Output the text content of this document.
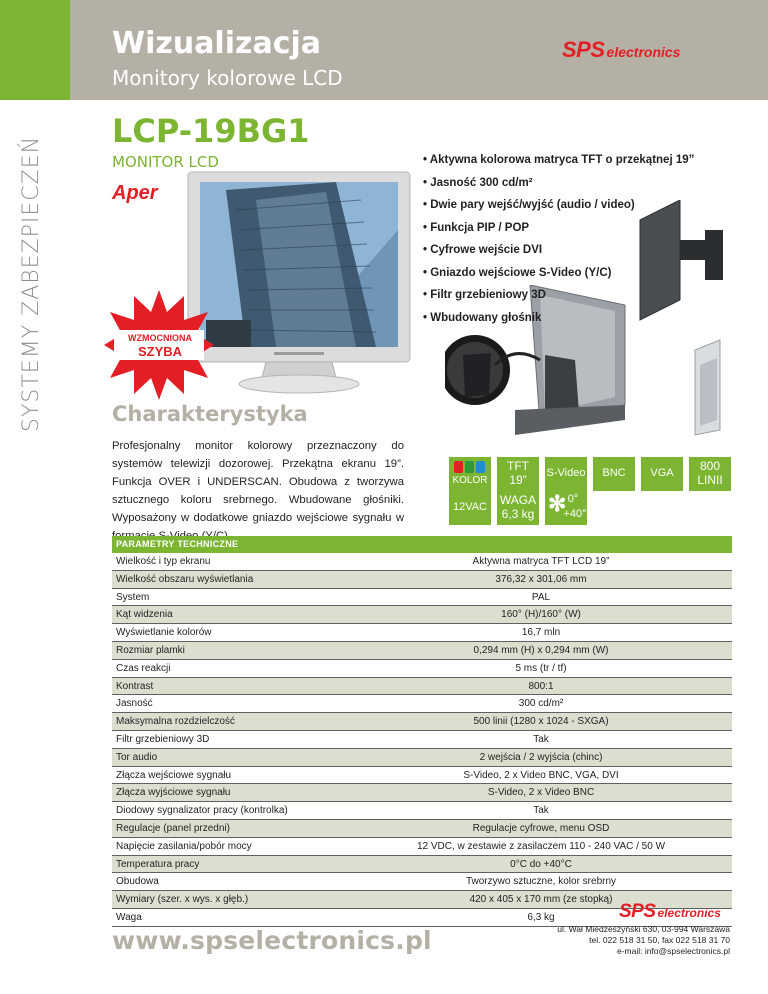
SYSTEMY ZABEZPIECZEŃ
Wizualizacja
Monitory kolorowe LCD
SPS electronics
LCP-19BG1
MONITOR LCD
Aper
WZMOCNIONA
SZYBA
• Aktywna kolorowa matryca TFT o przekątnej 19”
• Jasność 300 cd/m²
• Dwie pary wejść/wyjść (audio / video)
• Funkcja PIP / POP
• Cyfrowe wejście DVI
• Gniazdo wejściowe S-Video (Y/C)
• Filtr grzebieniowy 3D
• Wbudowany głośnik
Charakterystyka
Profesjonalny monitor kolorowy przeznaczony do systemów telewizji dozorowej. Przekątna ekranu 19”. Funkcja OVER i UNDERSCAN. Obudowa z tworzywa sztucznego koloru srebrnego. Wbudowane głośniki. Wyposażony w dodatkowe gniazdo wejściowe sygnału w
KOLOR
TFT
19”	S-Video	BNC	VGA	800
LINII
12VAC	WAGA
6,3 kg ✻ 0°
+40°
PARAMETRY TECHNICZNE
Wielkość i typ ekranu	Aktywna matryca TFT LCD 19”
Wielkość obszaru wyświetlania	376,32 x 301,06 mm
System	PAL
Kąt widzenia	160° (H)/160° (W)
Wyświetlanie kolorów	16,7 mln
Rozmiar plamki	0,294 mm (H) x 0,294 mm (W)
Czas reakcji	5 ms (tr / tf)
Kontrast	800:1
Jasność	300 cd/m²
Maksymalna rozdzielczość	500 linii (1280 x 1024 - SXGA)
Filtr grzebieniowy 3D	Tak
Tor audio	2 wejścia / 2 wyjścia (chinc)
Złącza wejściowe sygnału	S-Video, 2 x Video BNC, VGA, DVI
Złącza wyjściowe sygnału	S-Video, 2 x Video BNC
Diodowy sygnalizator pracy (kontrolka)	Tak
Regulacje (panel przedni)	Regulacje cyfrowe, menu OSD
Napięcie zasilania/pobór mocy	12 VDC, w zestawie z zasilaczem 110 - 240 VAC / 50 W
Temperatura pracy	0°C do +40°C
Obudowa	Tworzywo sztuczne, kolor srebrny
Wymiary (szer. x wys. x głęb.)	420 x 405 x 170 mm (ze stopką)
Waga	6,3 kg
www.spselectronics.pl
SPS electronics
ul. Wał Miedzeszyński 630, 03-994 Warszawa
tel. 022 518 31 50, fax 022 518 31 70
e-mail: info@spselectronics.pl
